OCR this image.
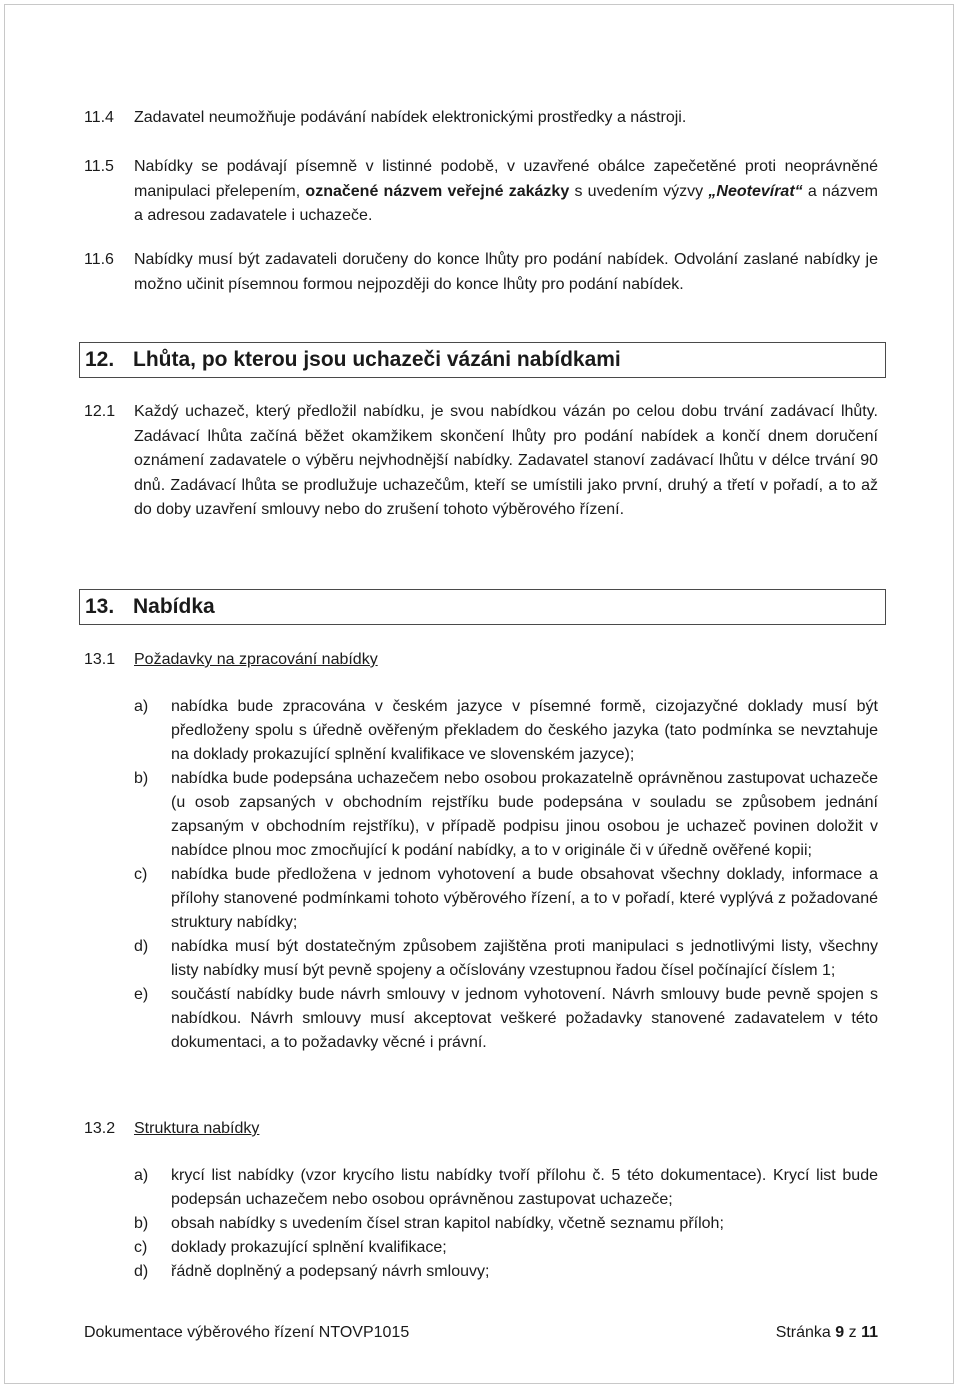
11.4 Zadavatel neumožňuje podávání nabídek elektronickými prostředky a nástroji.
11.5 Nabídky se podávají písemně v listinné podobě, v uzavřené obálce zapečetěné proti neoprávněné manipulaci přelepením, označené názvem veřejné zakázky s uvedením výzvy „Neotevírat“ a názvem a adresou zadavatele i uchazeče.
11.6 Nabídky musí být zadavateli doručeny do konce lhůty pro podání nabídek. Odvolání zaslané nabídky je možno učinit písemnou formou nejpozději do konce lhůty pro podání nabídek.
12. Lhůta, po kterou jsou uchazeči vázáni nabídkami
12.1 Každý uchazeč, který předložil nabídku, je svou nabídkou vázán po celou dobu trvání zadávací lhůty. Zadávací lhůta začíná běžet okamžikem skončení lhůty pro podání nabídek a končí dnem doručení oznámení zadavatele o výběru nejvhodnější nabídky. Zadavatel stanoví zadávací lhůtu v délce trvání 90 dnů. Zadávací lhůta se prodlužuje uchazečům, kteří se umístili jako první, druhý a třetí v pořadí, a to až do doby uzavření smlouvy nebo do zrušení tohoto výběrového řízení.
13. Nabídka
13.1 Požadavky na zpracování nabídky
a) nabídka bude zpracována v českém jazyce v písemné formě, cizojazyčné doklady musí být předloženy spolu s úředně ověřeným překladem do českého jazyka (tato podmínka se nevztahuje na doklady prokazující splnění kvalifikace ve slovenském jazyce);
b) nabídka bude podepsána uchazečem nebo osobou prokazatelně oprávněnou zastupovat uchazeče (u osob zapsaných v obchodním rejstříku bude podepsána v souladu se způsobem jednání zapsaným v obchodním rejstříku), v případě podpisu jinou osobou je uchazeč povinen doložit v nabídce plnou moc zmocňující k podání nabídky, a to v originále či v úředně ověřené kopii;
c) nabídka bude předložena v jednom vyhotovení a bude obsahovat všechny doklady, informace a přílohy stanovené podmínkami tohoto výběrového řízení, a to v pořadí, které vyplývá z požadované struktury nabídky;
d) nabídka musí být dostatečným způsobem zajištěna proti manipulaci s jednotlivými listy, všechny listy nabídky musí být pevně spojeny a očíslovány vzestupnou řadou čísel počínající číslem 1;
e) součástí nabídky bude návrh smlouvy v jednom vyhotovení. Návrh smlouvy bude pevně spojen s nabídkou. Návrh smlouvy musí akceptovat veškeré požadavky stanovené zadavatelem v této dokumentaci, a to požadavky věcné i právní.
13.2 Struktura nabídky
a) krycí list nabídky (vzor krycího listu nabídky tvoří přílohu č. 5 této dokumentace). Krycí list bude podepsán uchazečem nebo osobou oprávněnou zastupovat uchazeče;
b) obsah nabídky s uvedením čísel stran kapitol nabídky, včetně seznamu příloh;
c) doklady prokazující splnění kvalifikace;
d) řádně doplněný a podepsaný návrh smlouvy;
Dokumentace výběrového řízení NTOVP1015	Stránka 9 z 11
